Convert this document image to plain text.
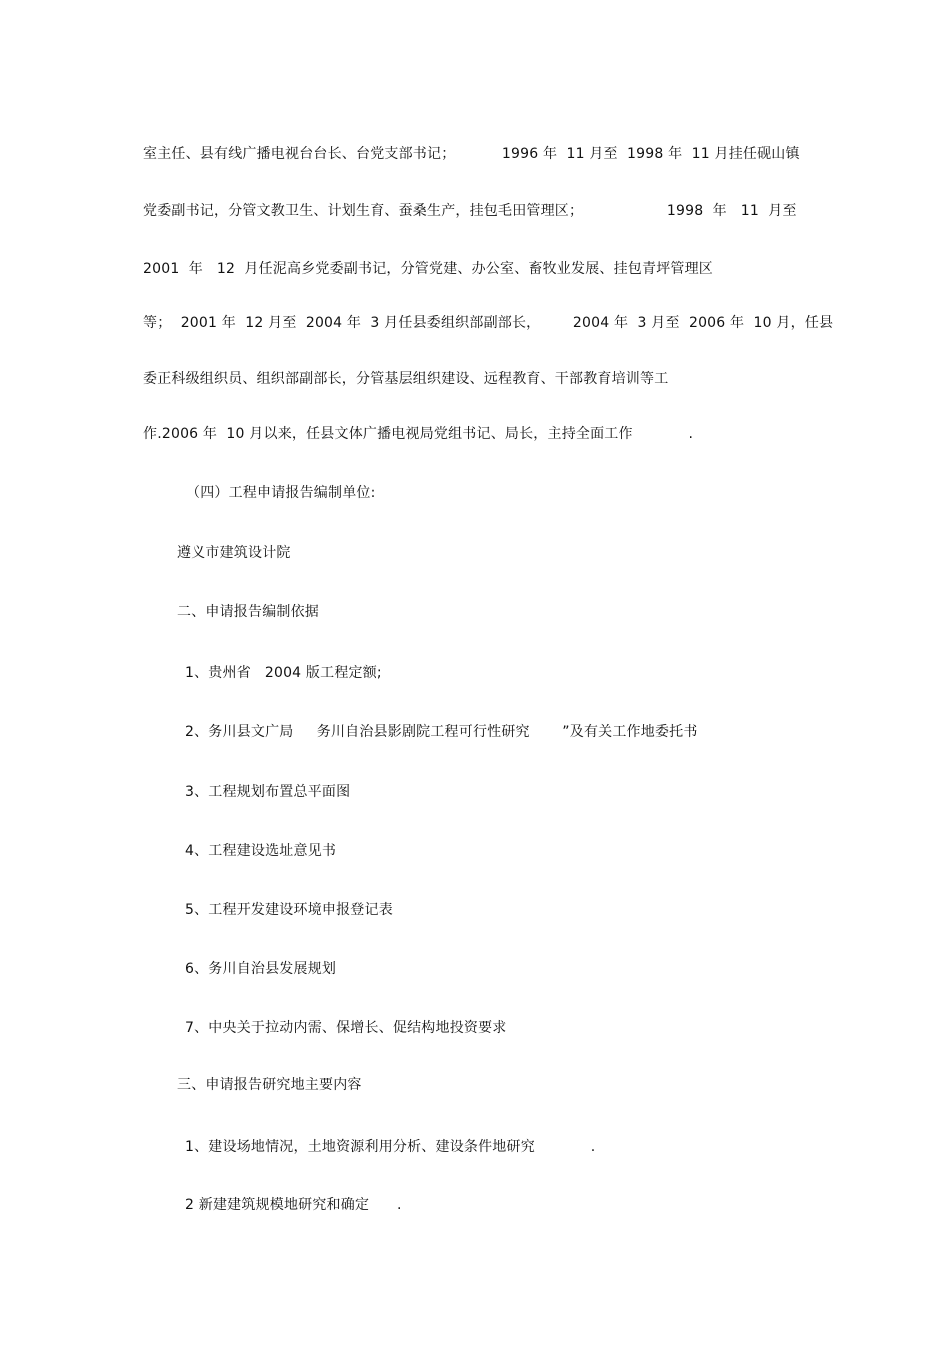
室主任、县有线广播电视台台长、台党支部书记；          1996 年  11 月至  1998 年  11 月挂任砚山镇
党委副书记，分管文教卫生、计划生育、蚕桑生产，挂包毛田管理区；                  1998  年   11  月至
2001  年   12  月任泥高乡党委副书记，分管党建、办公室、畜牧业发展、挂包青坪管理区
等；  2001 年  12 月至  2004 年  3 月任县委组织部副部长，       2004 年  3 月至  2006 年  10 月，任县
委正科级组织员、组织部副部长，分管基层组织建设、远程教育、干部教育培训等工
作.2006 年  10 月以来，任县文体广播电视局党组书记、局长，主持全面工作            .
（四）工程申请报告编制单位:
遵义市建筑设计院
二、申请报告编制依据
1、贵州省   2004 版工程定额;
2、务川县文广局     务川自治县影剧院工程可行性研究       ”及有关工作地委托书
3、工程规划布置总平面图
4、工程建设选址意见书
5、工程开发建设环境申报登记表
6、务川自治县发展规划
7、中央关于拉动内需、保增长、促结构地投资要求
三、申请报告研究地主要内容
1、建设场地情况，土地资源利用分析、建设条件地研究            .
2 新建建筑规模地研究和确定      .
